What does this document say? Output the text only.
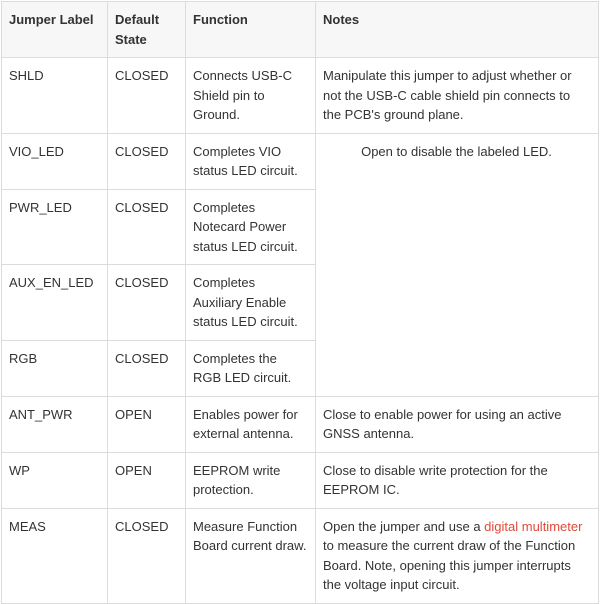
Jumper Label	Default State	Function	Notes
SHLD	CLOSED	Connects USB-C Shield pin to Ground.	Manipulate this jumper to adjust whether or not the USB-C cable shield pin connects to the PCB's ground plane.
VIO_LED	CLOSED	Completes VIO status LED circuit.	Open to disable the labeled LED.
PWR_LED	CLOSED	Completes Notecard Power status LED circuit.	
AUX_EN_LED	CLOSED	Completes Auxiliary Enable status LED circuit.	
RGB	CLOSED	Completes the RGB LED circuit.	
ANT_PWR	OPEN	Enables power for external antenna.	Close to enable power for using an active GNSS antenna.
WP	OPEN	EEPROM write protection.	Close to disable write protection for the EEPROM IC.
MEAS	CLOSED	Measure Function Board current draw.	Open the jumper and use a digital multimeter to measure the current draw of the Function Board. Note, opening this jumper interrupts the voltage input circuit.
